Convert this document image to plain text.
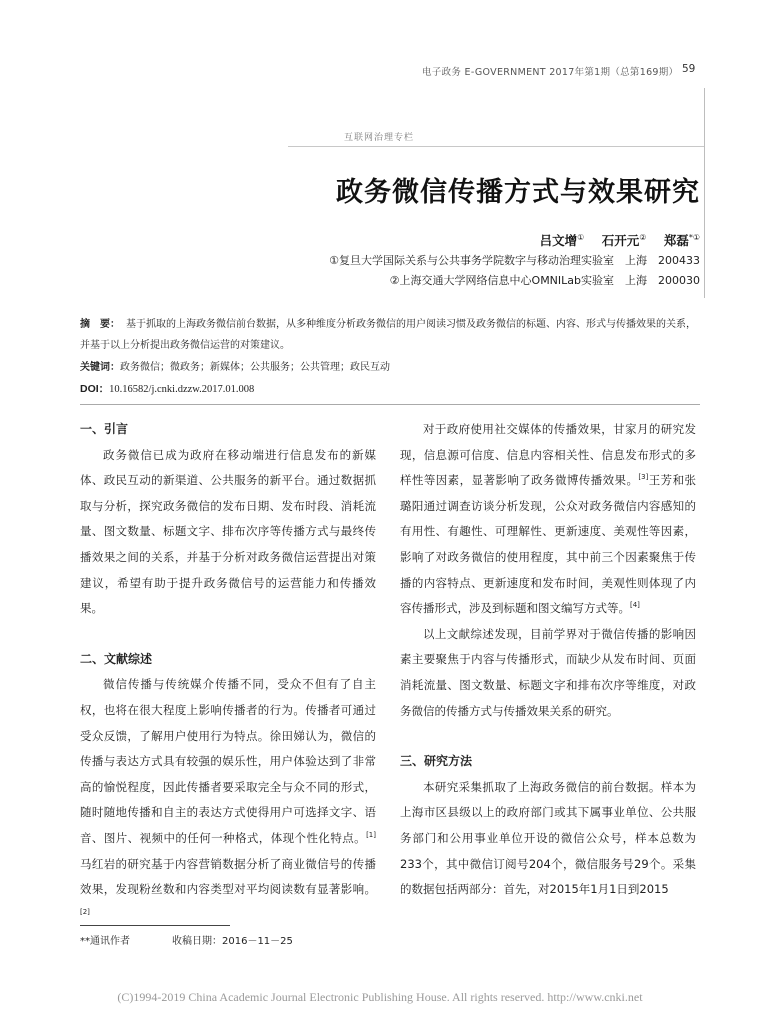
电子政务 E-GOVERNMENT 2017年第1期（总第169期） 59
互联网治理专栏
政务微信传播方式与效果研究
吕文增① 石开元② 郑磊*①
①复旦大学国际关系与公共事务学院数字与移动治理实验室　上海　200433
②上海交通大学网络信息中心OMNILab实验室　上海　200030
摘　要： 基于抓取的上海政务微信前台数据，从多种维度分析政务微信的用户阅读习惯及政务微信的标题、内容、形式与传播效果的关系，并基于以上分析提出政务微信运营的对策建议。
关键词：政务微信；微政务；新媒体；公共服务；公共管理；政民互动
DOI：10.16582/j.cnki.dzzw.2017.01.008
一、引言

政务微信已成为政府在移动端进行信息发布的新媒体、政民互动的新渠道、公共服务的新平台。通过数据抓取与分析，探究政务微信的发布日期、发布时段、消耗流量、图文数量、标题文字、排布次序等传播方式与最终传播效果之间的关系，并基于分析对政务微信运营提出对策建议，希望有助于提升政务微信号的运营能力和传播效果。

二、文献综述

微信传播与传统媒介传播不同，受众不但有了自主权，也将在很大程度上影响传播者的行为。传播者可通过受众反馈，了解用户使用行为特点。徐田娣认为，微信的传播与表达方式具有较强的娱乐性，用户体验达到了非常高的愉悦程度，因此传播者要采取完全与众不同的形式，随时随地传播和自主的表达方式使得用户可选择文字、语音、图片、视频中的任何一种格式，体现个性化特点。[1]马红岩的研究基于内容营销数据分析了商业微信号的传播效果，发现粉丝数和内容类型对平均阅读数有显著影响。[2]

对于政府使用社交媒体的传播效果，甘家月的研究发现，信息源可信度、信息内容相关性、信息发布形式的多样性等因素，显著影响了政务微博传播效果。[3]王芳和张璐阳通过调查访谈分析发现，公众对政务微信内容感知的有用性、有趣性、可理解性、更新速度、美观性等因素，影响了对政务微信的使用程度，其中前三个因素聚焦于传播的内容特点、更新速度和发布时间，美观性则体现了内容传播形式，涉及到标题和图文编写方式等。[4]

以上文献综述发现，目前学界对于微信传播的影响因素主要聚焦于内容与传播形式，而缺少从发布时间、页面消耗流量、图文数量、标题文字和排布次序等维度，对政务微信的传播方式与传播效果关系的研究。

三、研究方法

本研究采集抓取了上海政务微信的前台数据。样本为上海市区县级以上的政府部门或其下属事业单位、公共服务部门和公用事业单位开设的微信公众号，样本总数为233个，其中微信订阅号204个，微信服务号29个。采集的数据包括两部分：首先，对2015年1月1日到2015

**通讯作者	收稿日期：2016－11－25
(C)1994-2019 China Academic Journal Electronic Publishing House. All rights reserved. http://www.cnki.net
